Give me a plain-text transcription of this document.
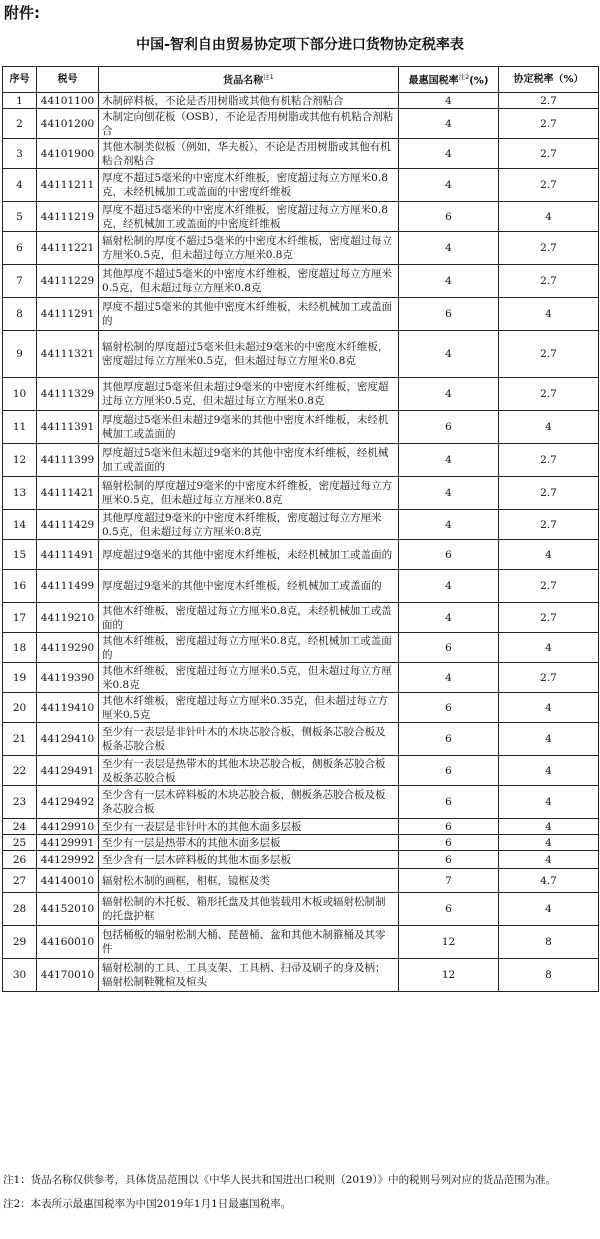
附件:
中国-智利自由贸易协定项下部分进口货物协定税率表
序号	税号	货品名称$^{注1}$	最惠国税率$^{注2}$(%)	协定税率（%）
1	44101100	木制碎料板，不论是否用树脂或其他有机粘合剂粘合	4	2.7
2	44101200	木制定向刨花板（OSB），不论是否用树脂或其他有机粘合剂粘合	4	2.7
3	44101900	其他木制类似板（例如，华夫板），不论是否用树脂或其他有机粘合剂粘合	4	2.7
4	44111211	厚度不超过5毫米的中密度木纤维板，密度超过每立方厘米0.8克，未经机械加工或盖面的中密度纤维板	4	2.7
5	44111219	厚度不超过5毫米的中密度木纤维板，密度超过每立方厘米0.8克，经机械加工或盖面的中密度纤维板	6	4
6	44111221	辐射松制的厚度不超过5毫米的中密度木纤维板，密度超过每立方厘米0.5克，但未超过每立方厘米0.8克	4	2.7
7	44111229	其他厚度不超过5毫米的中密度木纤维板，密度超过每立方厘米0.5克，但未超过每立方厘米0.8克	4	2.7
8	44111291	厚度不超过5毫米的其他中密度木纤维板，未经机械加工或盖面的	6	4
9	44111321	辐射松制的厚度超过5毫米但未超过9毫米的中密度木纤维板，密度超过每立方厘米0.5克，但未超过每立方厘米0.8克	4	2.7
10	44111329	其他厚度超过5毫米但未超过9毫米的中密度木纤维板，密度超过每立方厘米0.5克，但未超过每立方厘米0.8克	4	2.7
11	44111391	厚度超过5毫米但未超过9毫米的其他中密度木纤维板，未经机械加工或盖面的	6	4
12	44111399	厚度超过5毫米但未超过9毫米的其他中密度木纤维板，经机械加工或盖面的	4	2.7
13	44111421	辐射松制的厚度超过9毫米的中密度木纤维板，密度超过每立方厘米0.5克，但未超过每立方厘米0.8克	4	2.7
14	44111429	其他厚度超过9毫米的中密度木纤维板，密度超过每立方厘米0.5克，但未超过每立方厘米0.8克	4	2.7
15	44111491	厚度超过9毫米的其他中密度木纤维板，未经机械加工或盖面的	6	4
16	44111499	厚度超过9毫米的其他中密度木纤维板，经机械加工或盖面的	4	2.7
17	44119210	其他木纤维板，密度超过每立方厘米0.8克，未经机械加工或盖面的	4	2.7
18	44119290	其他木纤维板，密度超过每立方厘米0.8克，经机械加工或盖面的	6	4
19	44119390	其他木纤维板，密度超过每立方厘米0.5克，但未超过每立方厘米0.8克	4	2.7
20	44119410	其他木纤维板，密度超过每立方厘米0.35克，但未超过每立方厘米0.5克	6	4
21	44129410	至少有一表层是非针叶木的木块芯胶合板，侧板条芯胶合板及板条芯胶合板	6	4
22	44129491	至少有一表层是热带木的其他木块芯胶合板，侧板条芯胶合板及板条芯胶合板	6	4
23	44129492	至少含有一层木碎料板的木块芯胶合板，侧板条芯胶合板及板条芯胶合板	6	4
24	44129910	至少有一表层是非针叶木的其他木面多层板	6	4
25	44129991	至少有一层是热带木的其他木面多层板	6	4
26	44129992	至少含有一层木碎料板的其他木面多层板	6	4
27	44140010	辐射松木制的画框，相框，镜框及类	7	4.7
28	44152010	辐射松制的木托板、箱形托盘及其他装载用木板或辐射松制制的托盘护框	6	4
29	44160010	包括桶板的辐射松制大桶、琵琶桶、盆和其他木制箍桶及其零件	12	8
30	44170010	辐射松制的工具、工具支架、工具柄、扫帚及刷子的身及柄；辐射松制鞋靴楦及楦头	12	8

注1：货品名称仅供参考，具体货品范围以《中华人民共和国进出口税则（2019）》中的税则号列对应的货品范围为准。

注2：本表所示最惠国税率为中国2019年1月1日最惠国税率。
